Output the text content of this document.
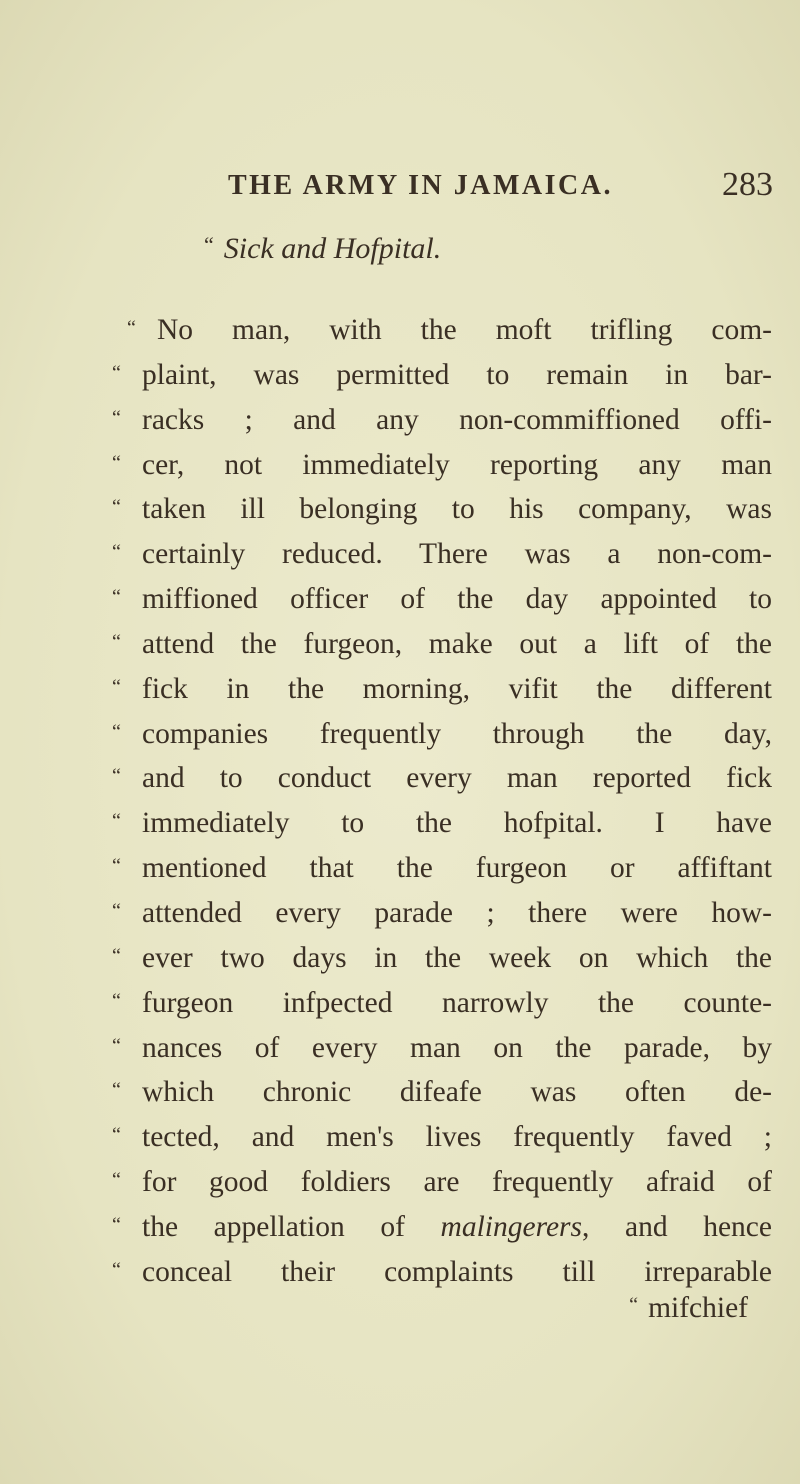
THE ARMY IN JAMAICA.	283
“ Sick and Hofpital.
“ No man, with the moft trifling com-
“ plaint, was permitted to remain in bar-
“ racks ; and any non-commiffioned offi-
“ cer, not immediately reporting any man
“ taken ill belonging to his company, was
“ certainly reduced. There was a non-com-
“ miffioned officer of the day appointed to
“ attend the furgeon, make out a lift of the
“ fick in the morning, vifit the different
“ companies frequently through the day,
“ and to conduct every man reported fick
“ immediately to the hofpital. I have
“ mentioned that the furgeon or affiftant
“ attended every parade ; there were how-
“ ever two days in the week on which the
“ furgeon infpected narrowly the counte-
“ nances of every man on the parade, by
“ which chronic difeafe was often de-
“ tected, and men's lives frequently faved ;
“ for good foldiers are frequently afraid of
“ the appellation of malingerers, and hence
“ conceal their complaints till irreparable
“ mifchief
